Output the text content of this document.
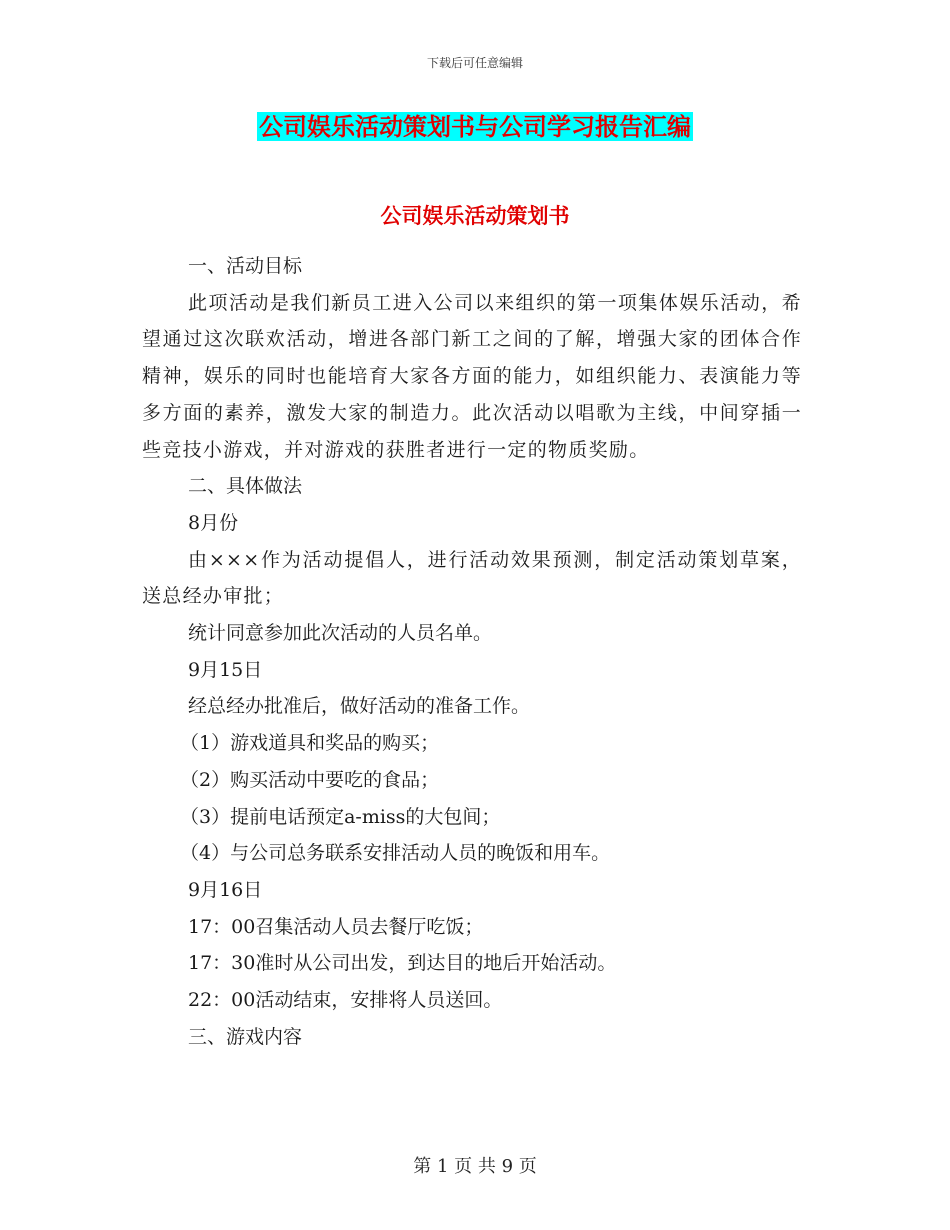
下载后可任意编辑
公司娱乐活动策划书与公司学习报告汇编
公司娱乐活动策划书

一、活动目标

此项活动是我们新员工进入公司以来组织的第一项集体娱乐活动，希望通过这次联欢活动，增进各部门新工之间的了解，增强大家的团体合作精神，娱乐的同时也能培育大家各方面的能力，如组织能力、表演能力等多方面的素养，激发大家的制造力。此次活动以唱歌为主线，中间穿插一些竞技小游戏，并对游戏的获胜者进行一定的物质奖励。

二、具体做法

8月份

由×××作为活动提倡人，进行活动效果预测，制定活动策划草案，送总经办审批；

统计同意参加此次活动的人员名单。

9月15日

经总经办批准后，做好活动的准备工作。

（1）游戏道具和奖品的购买；

（2）购买活动中要吃的食品；

（3）提前电话预定a-miss的大包间；

（4）与公司总务联系安排活动人员的晚饭和用车。

9月16日

17：00召集活动人员去餐厅吃饭；

17：30准时从公司出发，到达目的地后开始活动。

22：00活动结束，安排将人员送回。

三、游戏内容

第 1 页 共 9 页
